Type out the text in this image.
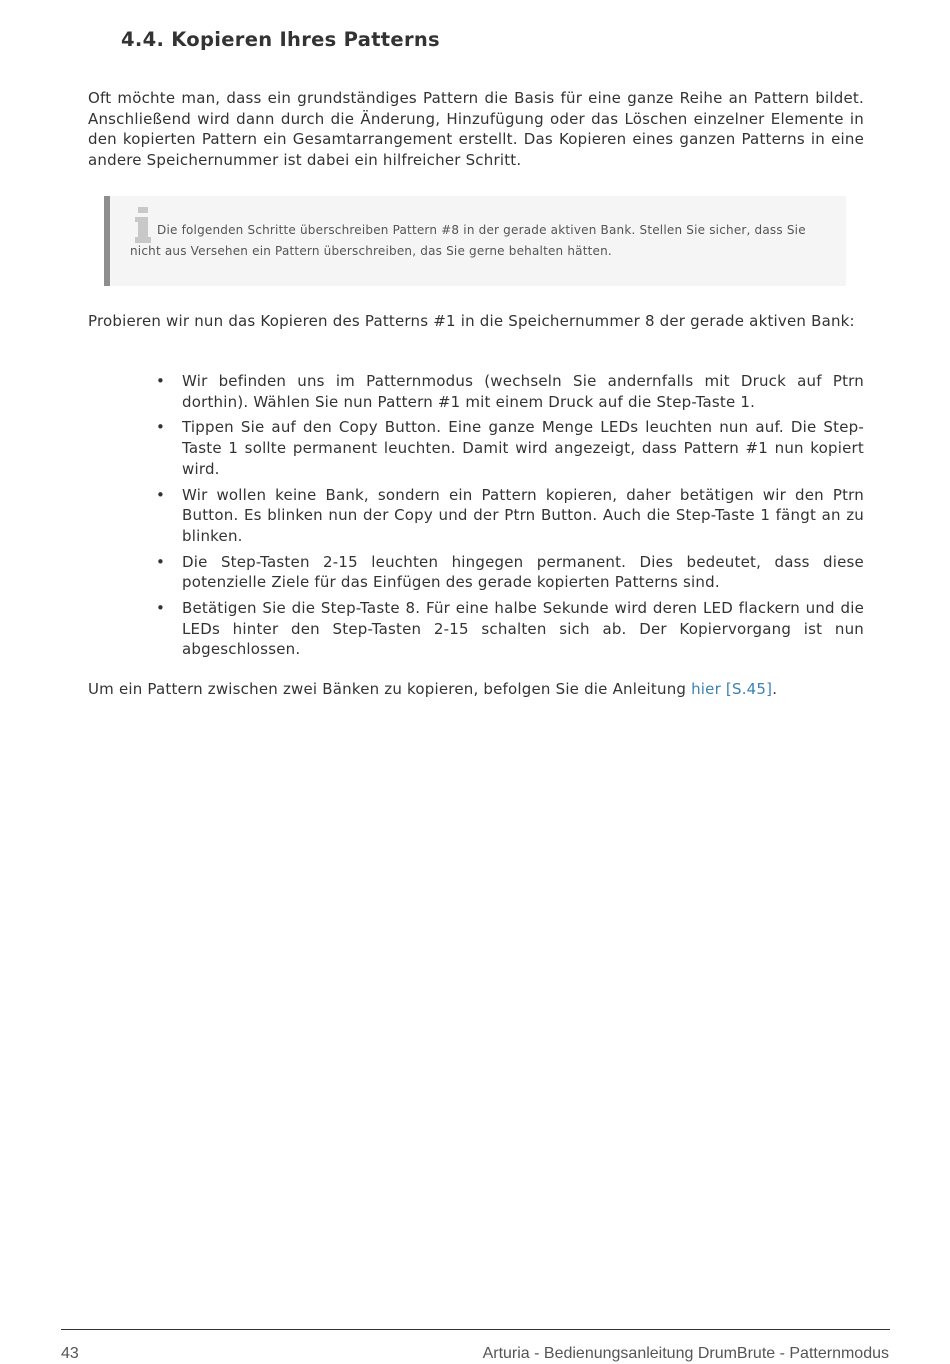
4.4. Kopieren Ihres Patterns

Oft möchte man, dass ein grundständiges Pattern die Basis für eine ganze Reihe an Pattern bildet. Anschließend wird dann durch die Änderung, Hinzufügung oder das Löschen einzelner Elemente in den kopierten Pattern ein Gesamtarrangement erstellt. Das Kopieren eines ganzen Patterns in eine andere Speichernummer ist dabei ein hilfreicher Schritt.

Die folgenden Schritte überschreiben Pattern #8 in der gerade aktiven Bank. Stellen Sie sicher, dass Sie nicht aus Versehen ein Pattern überschreiben, das Sie gerne behalten hätten.

Probieren wir nun das Kopieren des Patterns #1 in die Speichernummer 8 der gerade aktiven Bank:

• Wir befinden uns im Patternmodus (wechseln Sie andernfalls mit Druck auf Ptrn dorthin). Wählen Sie nun Pattern #1 mit einem Druck auf die Step-Taste 1.
• Tippen Sie auf den Copy Button. Eine ganze Menge LEDs leuchten nun auf. Die Step-Taste 1 sollte permanent leuchten. Damit wird angezeigt, dass Pattern #1 nun kopiert wird.
• Wir wollen keine Bank, sondern ein Pattern kopieren, daher betätigen wir den Ptrn Button. Es blinken nun der Copy und der Ptrn Button. Auch die Step-Taste 1 fängt an zu blinken.
• Die Step-Tasten 2-15 leuchten hingegen permanent. Dies bedeutet, dass diese potenzielle Ziele für das Einfügen des gerade kopierten Patterns sind.
• Betätigen Sie die Step-Taste 8. Für eine halbe Sekunde wird deren LED flackern und die LEDs hinter den Step-Tasten 2-15 schalten sich ab. Der Kopiervorgang ist nun abgeschlossen.

Um ein Pattern zwischen zwei Bänken zu kopieren, befolgen Sie die Anleitung hier [S.45].

43	Arturia - Bedienungsanleitung DrumBrute - Patternmodus
